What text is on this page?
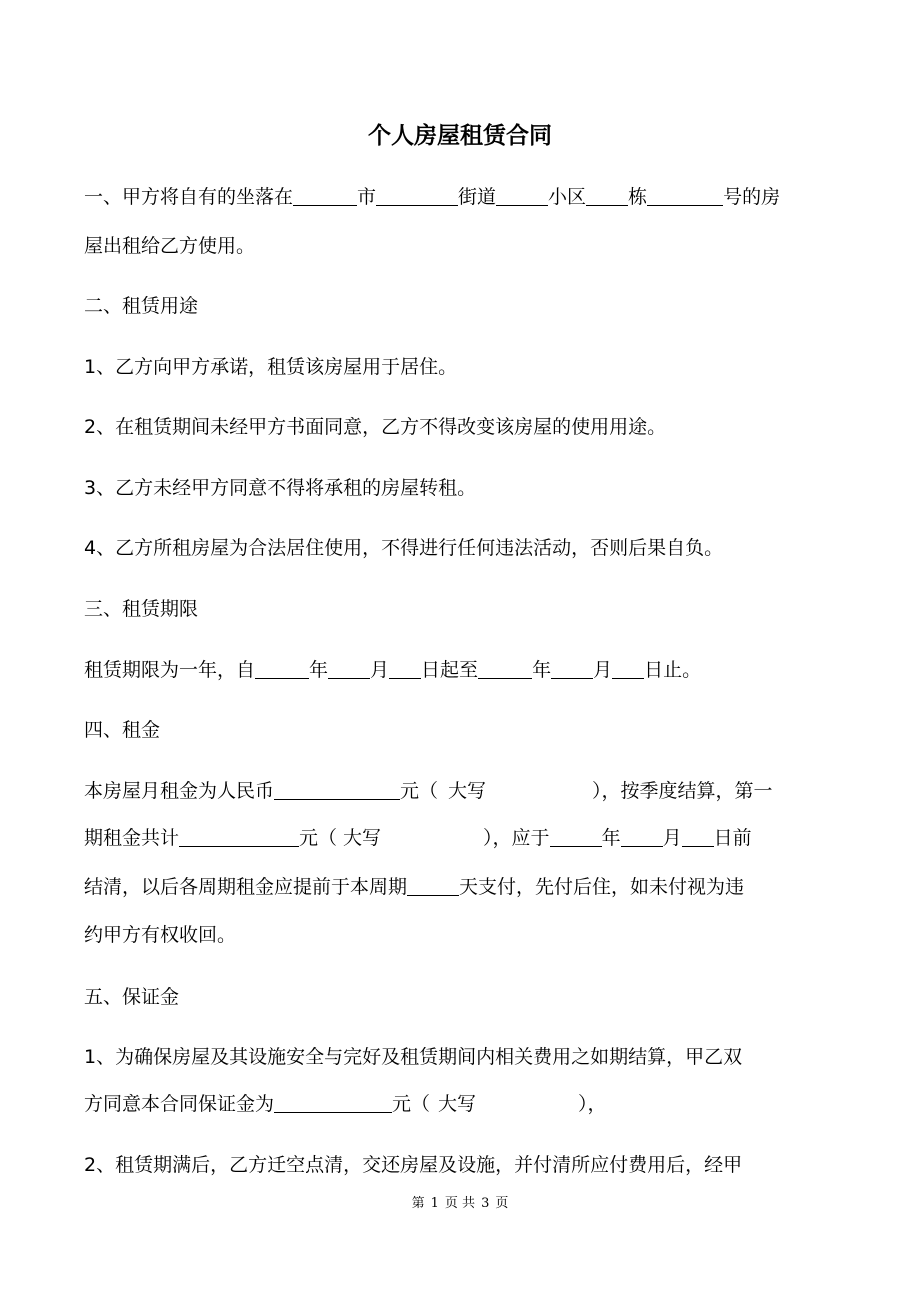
个人房屋租赁合同
一、甲方将自有的坐落在	市	街道	小区 栋	号的房
屋出租给乙方使用。
二、租赁用途
1、乙方向甲方承诺，租赁该房屋用于居住。
2、在租赁期间未经甲方书面同意，乙方不得改变该房屋的使用用途。
3、乙方未经甲方同意不得将承租的房屋转租。
4、乙方所租房屋为合法居住使用，不得进行任何违法活动，否则后果自负。
三、租赁期限
租赁期限为一年，自	年 月 日起至	年 月 日止。
四、租金
本房屋月租金为人民币	元（ 大写	），按季度结算，第一
期租金共计	元（ 大写	），应于	年 月 日前
结清，以后各周期租金应提前于本周期	天支付，先付后住，如未付视为违
约甲方有权收回。
五、保证金
1、为确保房屋及其设施安全与完好及租赁期间内相关费用之如期结算，甲乙双
方同意本合同保证金为	元（ 大写	），
2、租赁期满后，乙方迁空点清，交还房屋及设施，并付清所应付费用后，经甲
第 1 页 共 3 页
